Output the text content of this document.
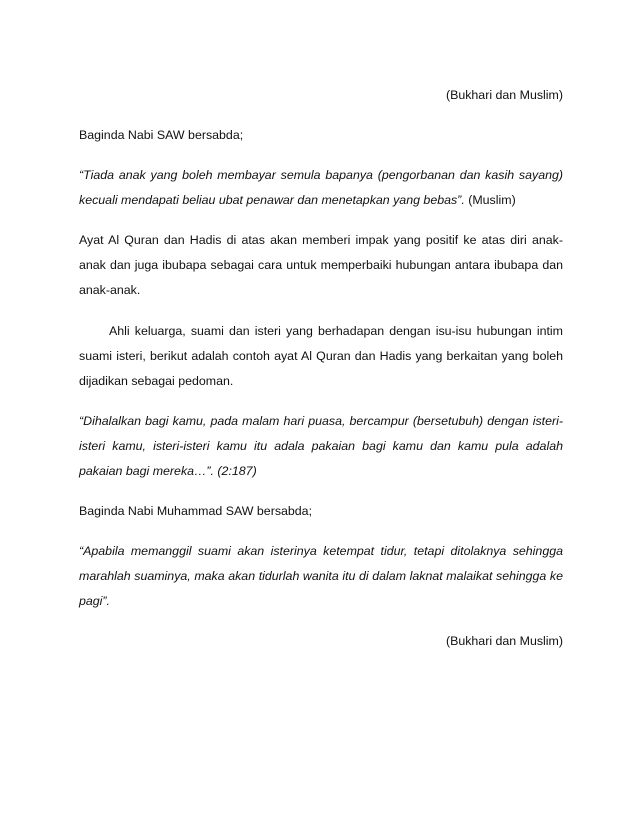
(Bukhari dan Muslim)
Baginda Nabi SAW bersabda;
“Tiada anak yang boleh membayar semula bapanya (pengorbanan dan kasih sayang)
kecuali mendapati beliau ubat penawar dan menetapkan yang bebas”. (Muslim)
Ayat Al Quran dan Hadis di atas akan memberi impak yang positif ke atas diri anak-
anak dan juga ibubapa sebagai cara untuk memperbaiki hubungan antara ibubapa dan
anak-anak.
Ahli keluarga, suami dan isteri yang berhadapan dengan isu-isu hubungan intim
suami isteri, berikut adalah contoh ayat Al Quran dan Hadis yang berkaitan yang boleh
dijadikan sebagai pedoman.
“Dihalalkan bagi kamu, pada malam hari puasa, bercampur (bersetubuh) dengan isteri-
isteri kamu, isteri-isteri kamu itu adala pakaian bagi kamu dan kamu pula adalah
pakaian bagi mereka…”. (2:187)
Baginda Nabi Muhammad SAW bersabda;
“Apabila memanggil suami akan isterinya ketempat tidur, tetapi ditolaknya sehingga
marahlah suaminya, maka akan tidurlah wanita itu di dalam laknat malaikat sehingga ke
pagi”.
(Bukhari dan Muslim)
